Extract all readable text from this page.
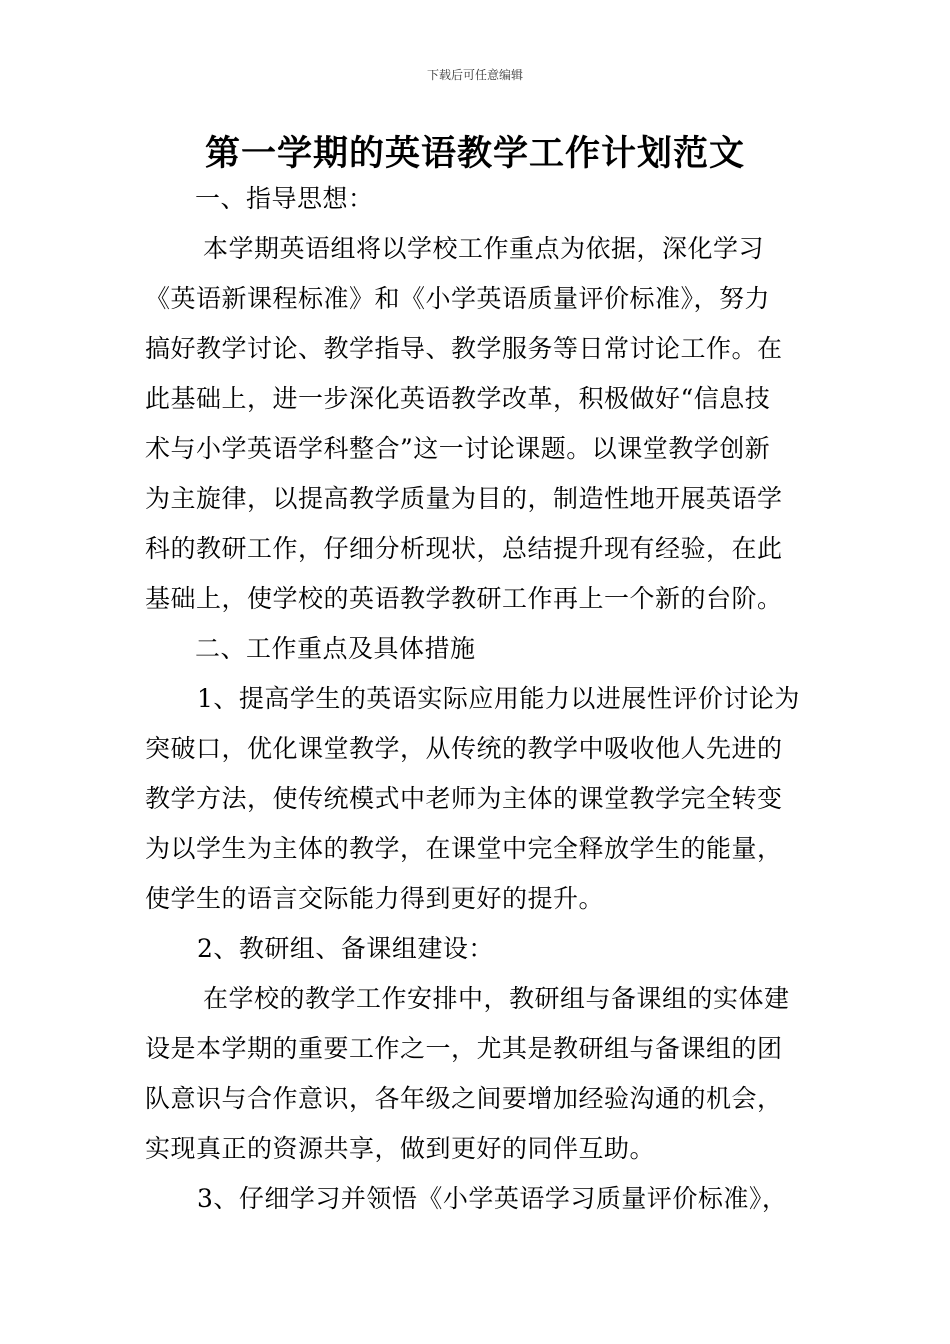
下载后可任意编辑
第一学期的英语教学工作计划范文
一、指导思想：
本学期英语组将以学校工作重点为依据，深化学习
《英语新课程标准》和《小学英语质量评价标准》，努力
搞好教学讨论、教学指导、教学服务等日常讨论工作。在
此基础上，进一步深化英语教学改革，积极做好“信息技
术与小学英语学科整合”这一讨论课题。以课堂教学创新
为主旋律，以提高教学质量为目的，制造性地开展英语学
科的教研工作，仔细分析现状，总结提升现有经验，在此
基础上，使学校的英语教学教研工作再上一个新的台阶。
二、工作重点及具体措施
1、提高学生的英语实际应用能力以进展性评价讨论为
突破口，优化课堂教学，从传统的教学中吸收他人先进的
教学方法，使传统模式中老师为主体的课堂教学完全转变
为以学生为主体的教学，在课堂中完全释放学生的能量，
使学生的语言交际能力得到更好的提升。
2、教研组、备课组建设：
在学校的教学工作安排中，教研组与备课组的实体建
设是本学期的重要工作之一，尤其是教研组与备课组的团
队意识与合作意识，各年级之间要增加经验沟通的机会，
实现真正的资源共享，做到更好的同伴互助。
3、仔细学习并领悟《小学英语学习质量评价标准》，
